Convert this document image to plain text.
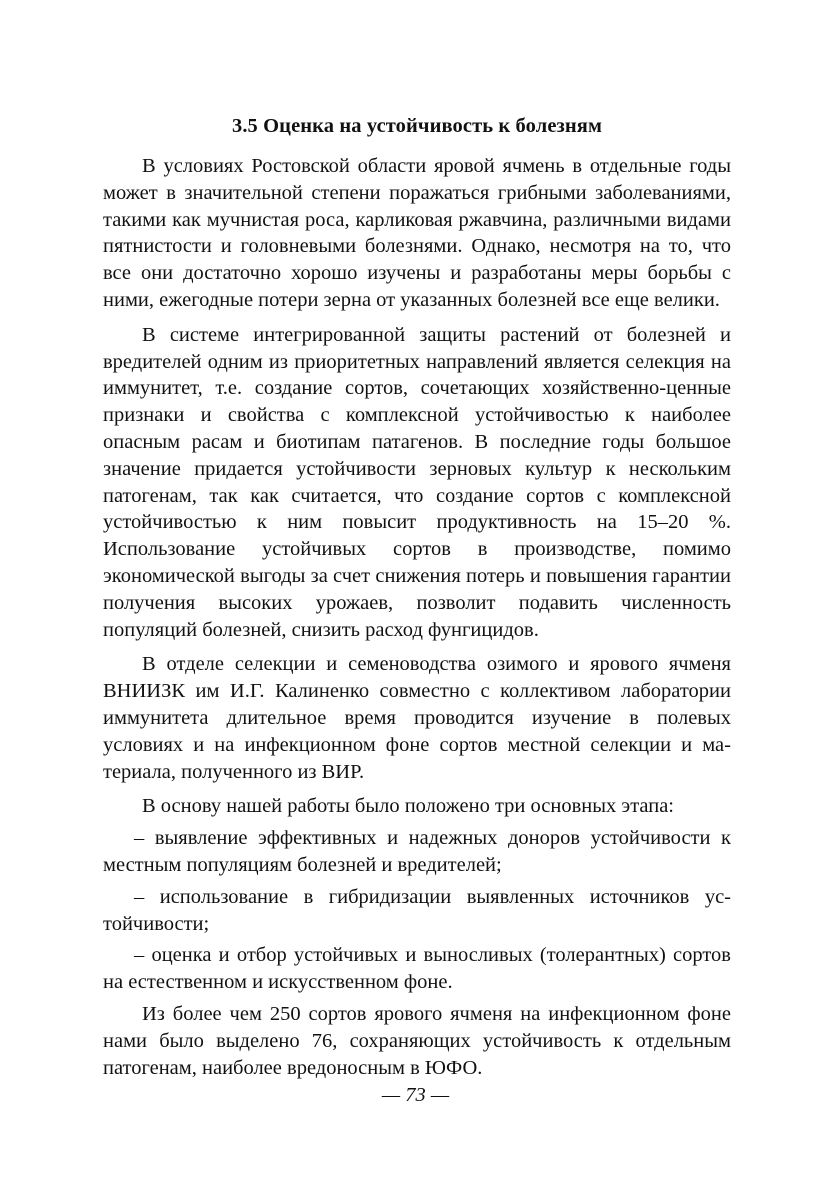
3.5 Оценка на устойчивость к болезням

В условиях Ростовской области яровой ячмень в отдельные годы может в значительной степени поражаться грибными заболеваниями, такими как мучнистая роса, карликовая ржавчина, различными видами пятнистости и головневыми болезнями. Однако, несмотря на то, что все они достаточно хорошо изучены и разработаны меры борьбы с ними, ежегодные потери зерна от указанных болезней все еще велики.

В системе интегрированной защиты растений от болезней и вредителей одним из приоритетных направлений является селекция на иммунитет, т.е. создание сортов, сочетающих хозяйственно-ценные признаки и свойства с комплексной устойчивостью к наиболее опасным расам и биотипам патагенов. В последние годы большое значение придается устойчивости зерновых культур к нескольким патогенам, так как считается, что создание сортов с комплексной устойчивостью к ним повысит продуктивность на 15–20 %. Использование устойчивых сортов в производстве, помимо экономической выгоды за счет снижения потерь и повышения гарантии получения высоких урожаев, позволит подавить численность популяций болезней, снизить расход фунгицидов.

В отделе селекции и семеноводства озимого и ярового ячменя ВНИИЗК им И.Г. Калиненко совместно с коллективом лаборатории иммунитета длительное время проводится изучение в полевых условиях и на инфекционном фоне сортов местной селекции и материала, полученного из ВИР.

В основу нашей работы было положено три основных этапа:

– выявление эффективных и надежных доноров устойчивости к местным популяциям болезней и вредителей;

– использование в гибридизации выявленных источников устойчивости;

– оценка и отбор устойчивых и выносливых (толерантных) сортов на естественном и искусственном фоне.

Из более чем 250 сортов ярового ячменя на инфекционном фоне нами было выделено 76, сохраняющих устойчивость к отдельным патогенам, наиболее вредоносным в ЮФО.

— 73 —
